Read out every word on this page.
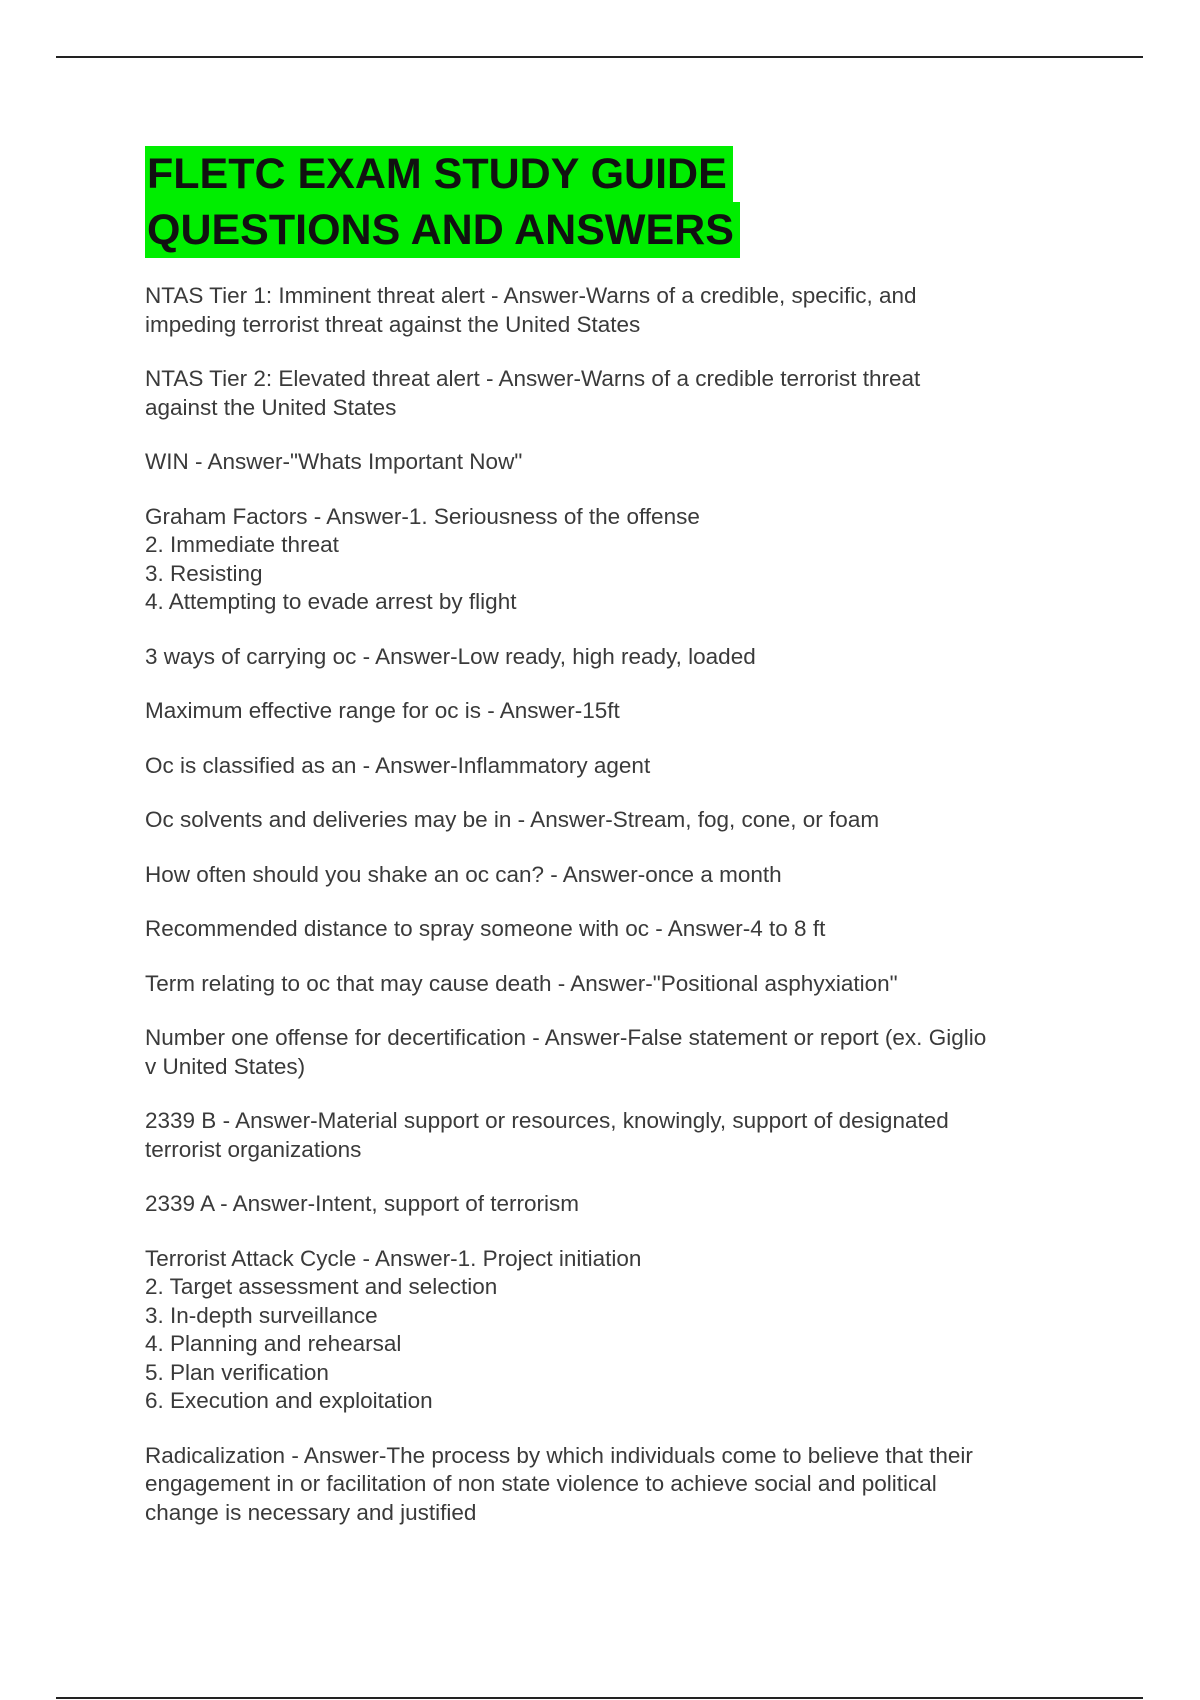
FLETC EXAM STUDY GUIDE
QUESTIONS AND ANSWERS
NTAS Tier 1: Imminent threat alert - Answer-Warns of a credible, specific, and
impeding terrorist threat against the United States
NTAS Tier 2: Elevated threat alert - Answer-Warns of a credible terrorist threat
against the United States
WIN - Answer-"Whats Important Now"
Graham Factors - Answer-1. Seriousness of the offense
2. Immediate threat
3. Resisting
4. Attempting to evade arrest by flight
3 ways of carrying oc - Answer-Low ready, high ready, loaded
Maximum effective range for oc is - Answer-15ft
Oc is classified as an - Answer-Inflammatory agent
Oc solvents and deliveries may be in - Answer-Stream, fog, cone, or foam
How often should you shake an oc can? - Answer-once a month
Recommended distance to spray someone with oc - Answer-4 to 8 ft
Term relating to oc that may cause death - Answer-"Positional asphyxiation"
Number one offense for decertification - Answer-False statement or report (ex. Giglio
v United States)
2339 B - Answer-Material support or resources, knowingly, support of designated
terrorist organizations
2339 A - Answer-Intent, support of terrorism
Terrorist Attack Cycle - Answer-1. Project initiation
2. Target assessment and selection
3. In-depth surveillance
4. Planning and rehearsal
5. Plan verification
6. Execution and exploitation
Radicalization - Answer-The process by which individuals come to believe that their
engagement in or facilitation of non state violence to achieve social and political
change is necessary and justified
